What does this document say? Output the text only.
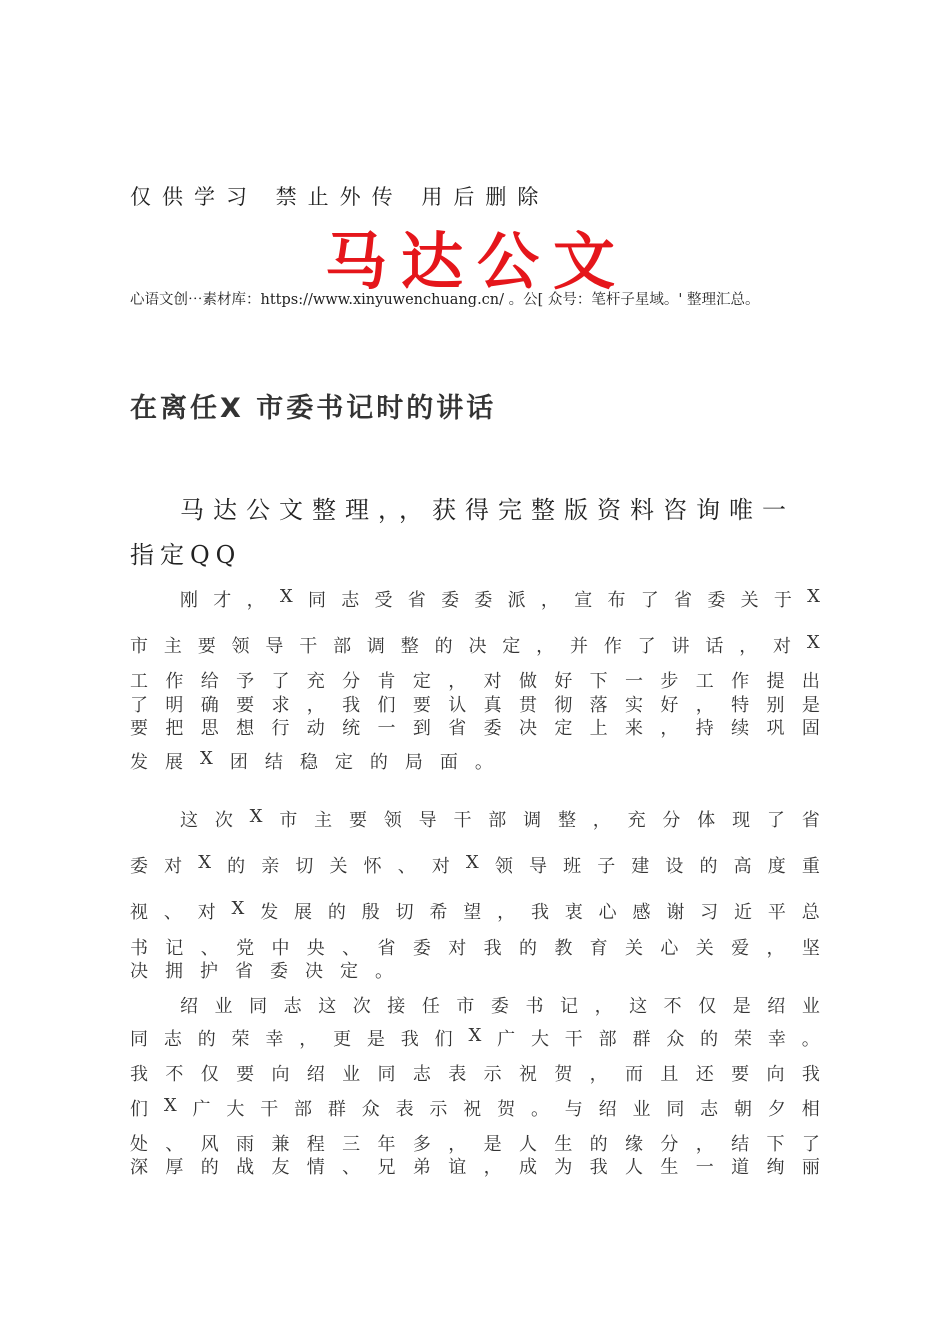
仅供学习 禁止外传 用后删除
马达公文
心语文创⋯素材库：https://www.xinyuwenchuang.cn/ 。公[ 众号：笔杆子星域。' 整理汇总。
在离任X 市委书记时的讲话
马达公文整理，，获得完整版资料咨询唯一
指定QQ
刚 才 ， X 同 志 受 省 委 委 派 ， 宣 布 了 省 委 关 于 X
市 主 要 领 导 干 部 调 整 的 决 定 ， 并 作 了 讲 话 ， 对 X
工 作 给 予 了 充 分 肯 定 ， 对 做 好 下 一 步 工 作 提 出
了 明 确 要 求 ， 我 们 要 认 真 贯 彻 落 实 好 ， 特 别 是
要 把 思 想 行 动 统 一 到 省 委 决 定 上 来 ， 持 续 巩 固
发 展 X 团 结 稳 定 的 局 面 。
这 次 X 市 主 要 领 导 干 部 调 整 ， 充 分 体 现 了 省
委 对 X 的 亲 切 关 怀 、 对 X 领 导 班 子 建 设 的 高 度 重
视 、 对 X 发 展 的 殷 切 希 望 ， 我 衷 心 感 谢 习 近 平 总
书 记 、 党 中 央 、 省 委 对 我 的 教 育 关 心 关 爱 ， 坚
决 拥 护 省 委 决 定 。
绍 业 同 志 这 次 接 任 市 委 书 记 ， 这 不 仅 是 绍 业
同 志 的 荣 幸 ， 更 是 我 们 X 广 大 干 部 群 众 的 荣 幸 。
我 不 仅 要 向 绍 业 同 志 表 示 祝 贺 ， 而 且 还 要 向 我
们 X 广 大 干 部 群 众 表 示 祝 贺 。 与 绍 业 同 志 朝 夕 相
处 、 风 雨 兼 程 三 年 多 ， 是 人 生 的 缘 分 ， 结 下 了
深 厚 的 战 友 情 、 兄 弟 谊 ， 成 为 我 人 生 一 道 绚 丽
